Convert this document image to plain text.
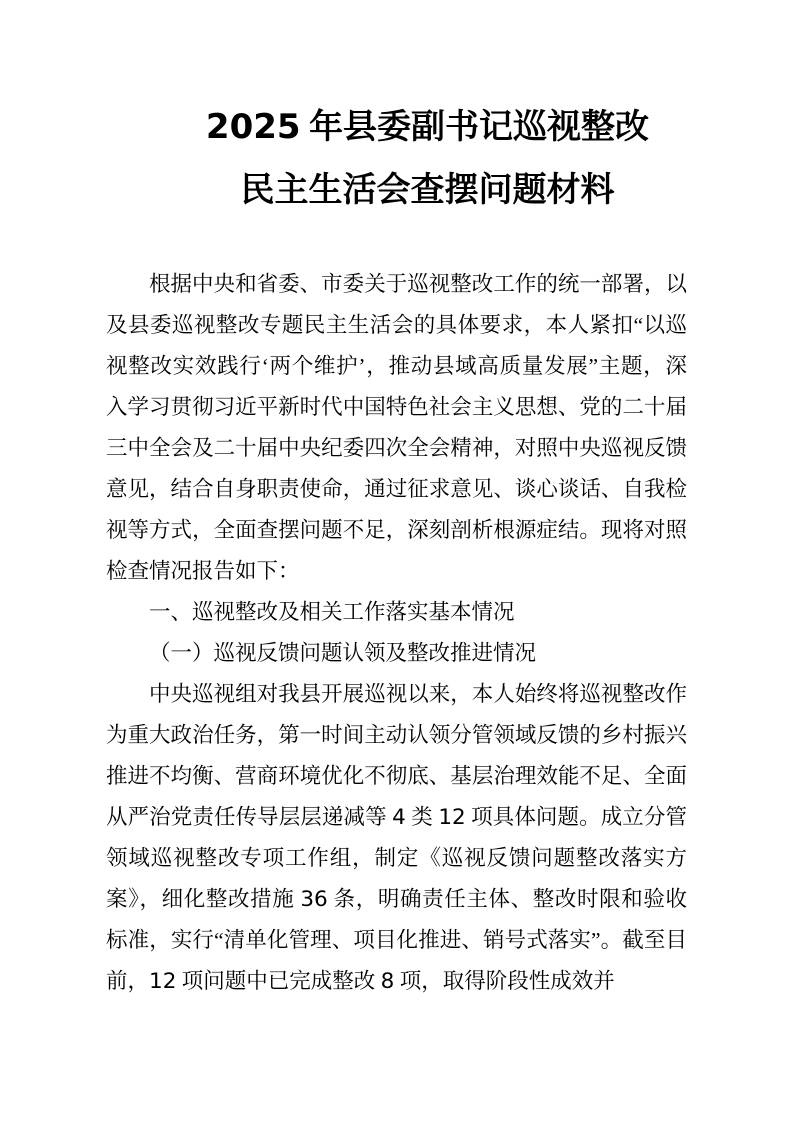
2025 年县委副书记巡视整改
民主生活会查摆问题材料

根据中央和省委、市委关于巡视整改工作的统一部署，以及县委巡视整改专题民主生活会的具体要求，本人紧扣“以巡视整改实效践行‘两个维护’，推动县域高质量发展”主题，深入学习贯彻习近平新时代中国特色社会主义思想、党的二十届三中全会及二十届中央纪委四次全会精神，对照中央巡视反馈意见，结合自身职责使命，通过征求意见、谈心谈话、自我检视等方式，全面查摆问题不足，深刻剖析根源症结。现将对照检查情况报告如下：

一、巡视整改及相关工作落实基本情况

（一）巡视反馈问题认领及整改推进情况

中央巡视组对我县开展巡视以来，本人始终将巡视整改作为重大政治任务，第一时间主动认领分管领域反馈的乡村振兴推进不均衡、营商环境优化不彻底、基层治理效能不足、全面从严治党责任传导层层递减等 4 类 12 项具体问题。成立分管领域巡视整改专项工作组，制定《巡视反馈问题整改落实方案》，细化整改措施 36 条，明确责任主体、整改时限和验收标准，实行“清单化管理、项目化推进、销号式落实”。截至目前，12 项问题中已完成整改 8 项，取得阶段性成效并
